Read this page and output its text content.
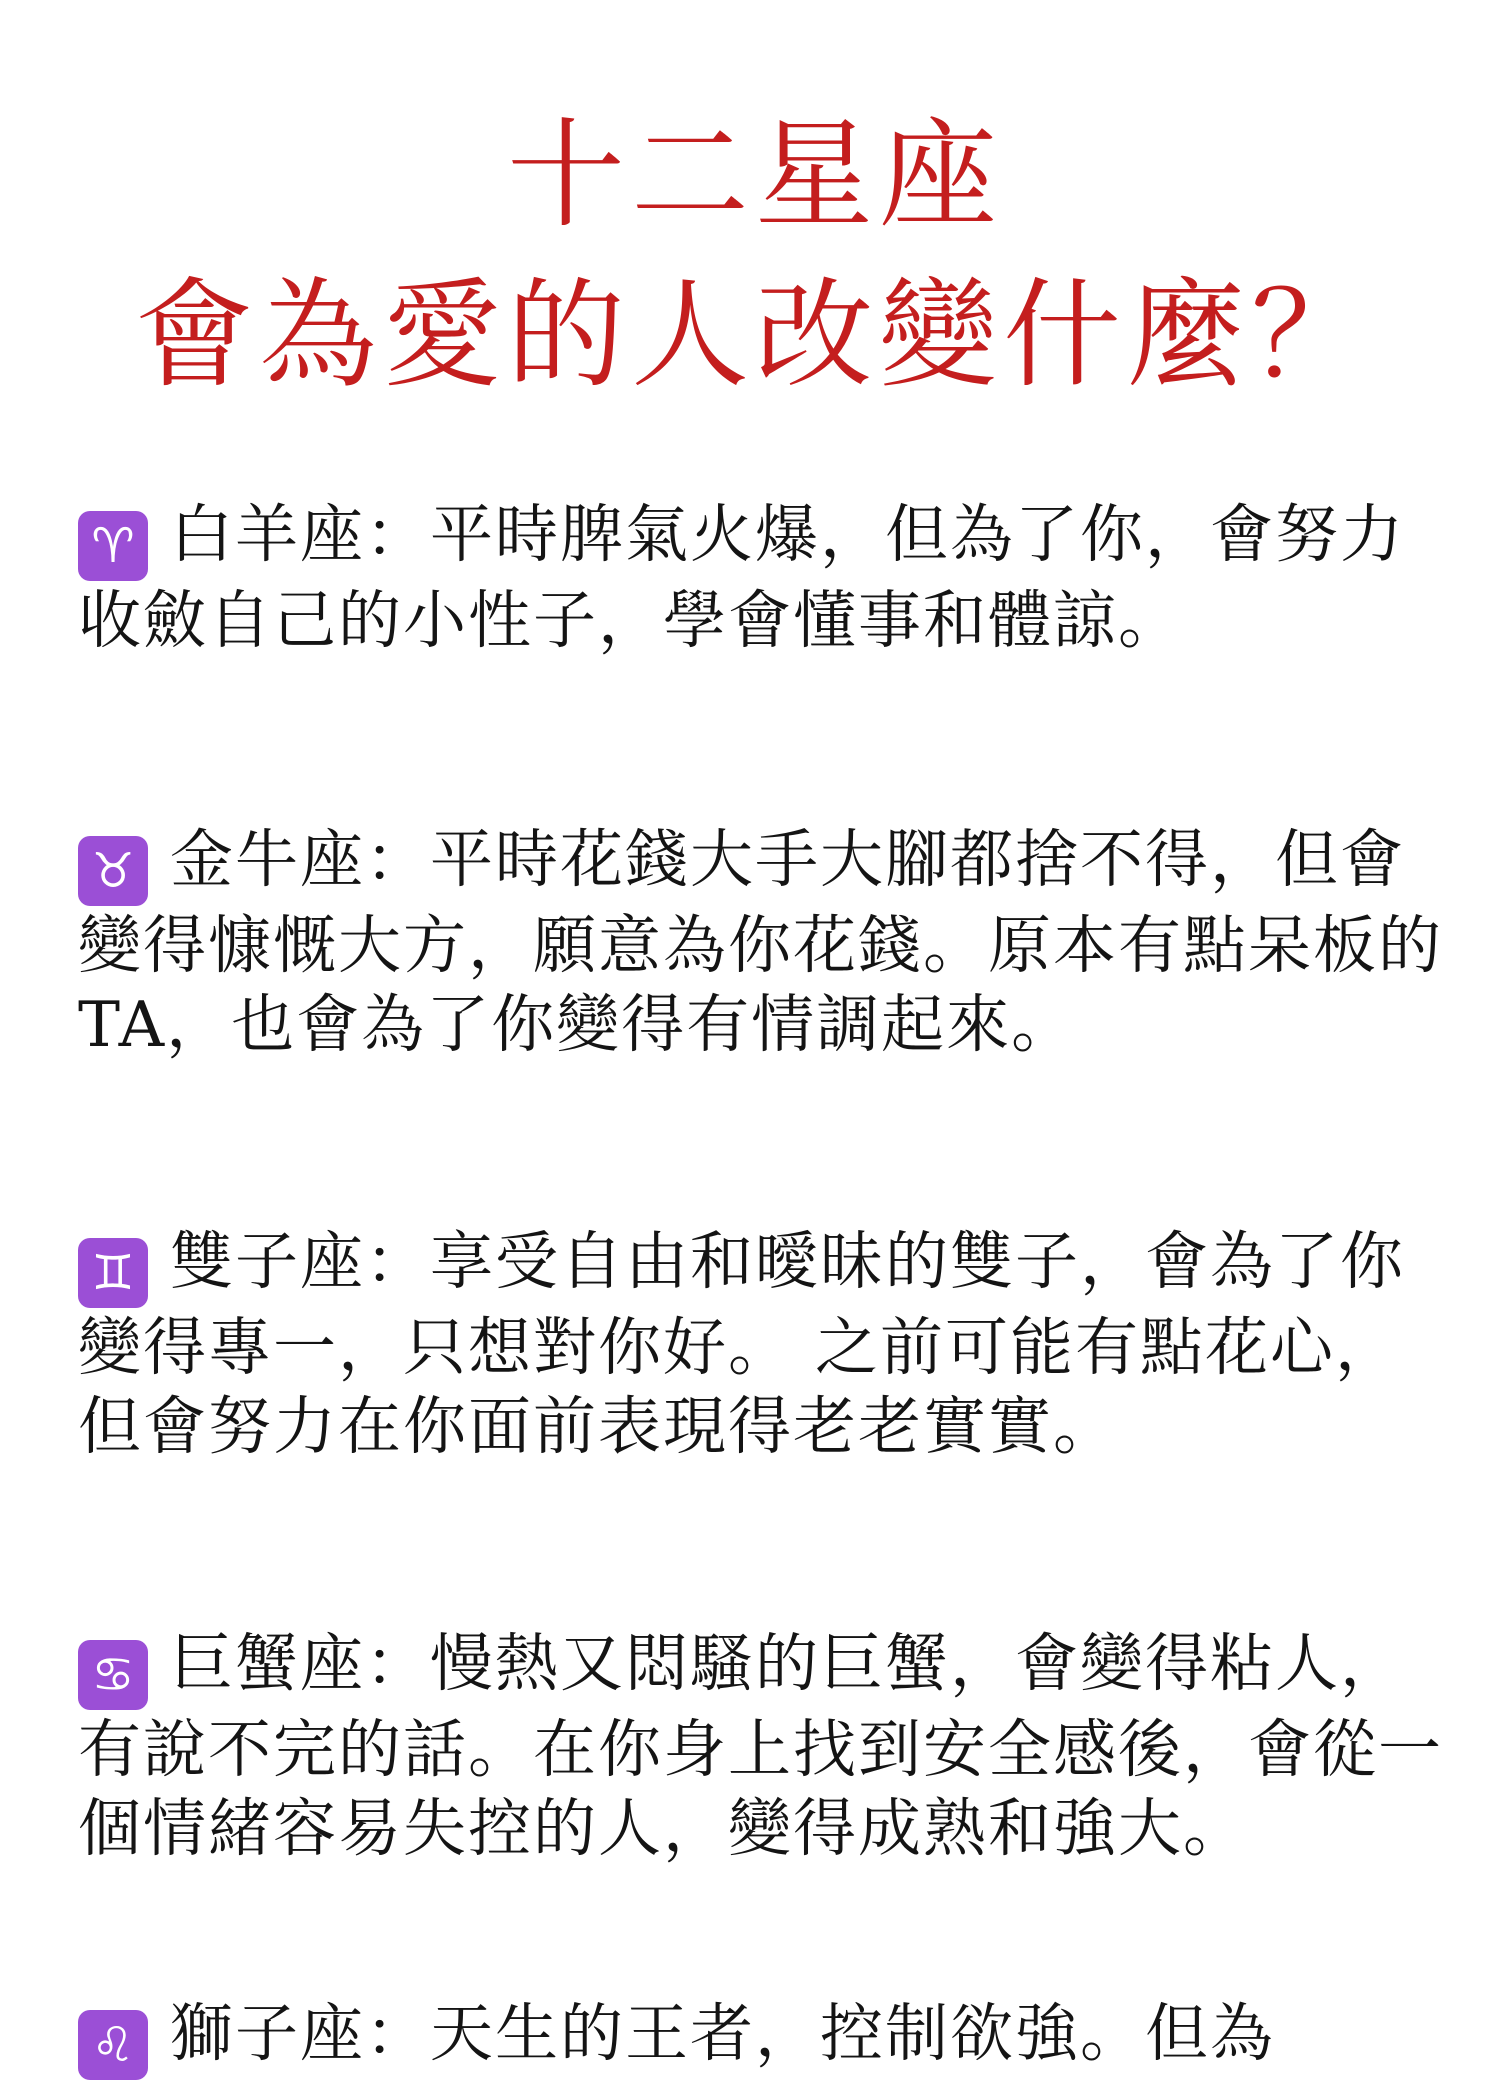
十二星座
會為愛的人改變什麼？

♈︎ 白羊座：平時脾氣火爆，但為了你，會努力收斂自己的小性子，學會懂事和體諒。

♉︎ 金牛座：平時花錢大手大腳都捨不得，但會變得慷慨大方，願意為你花錢。原本有點呆板的TA，也會為了你變得有情調起來。

♊︎ 雙子座：享受自由和曖昧的雙子，會為了你變得專一，只想對你好。 之前可能有點花心，但會努力在你面前表現得老老實實。

♋︎ 巨蟹座：慢熱又悶騷的巨蟹，會變得粘人，有說不完的話。在你身上找到安全感後，會從一個情緒容易失控的人，變得成熟和強大。

♌︎ 獅子座：天生的王者，控制欲強。但為
